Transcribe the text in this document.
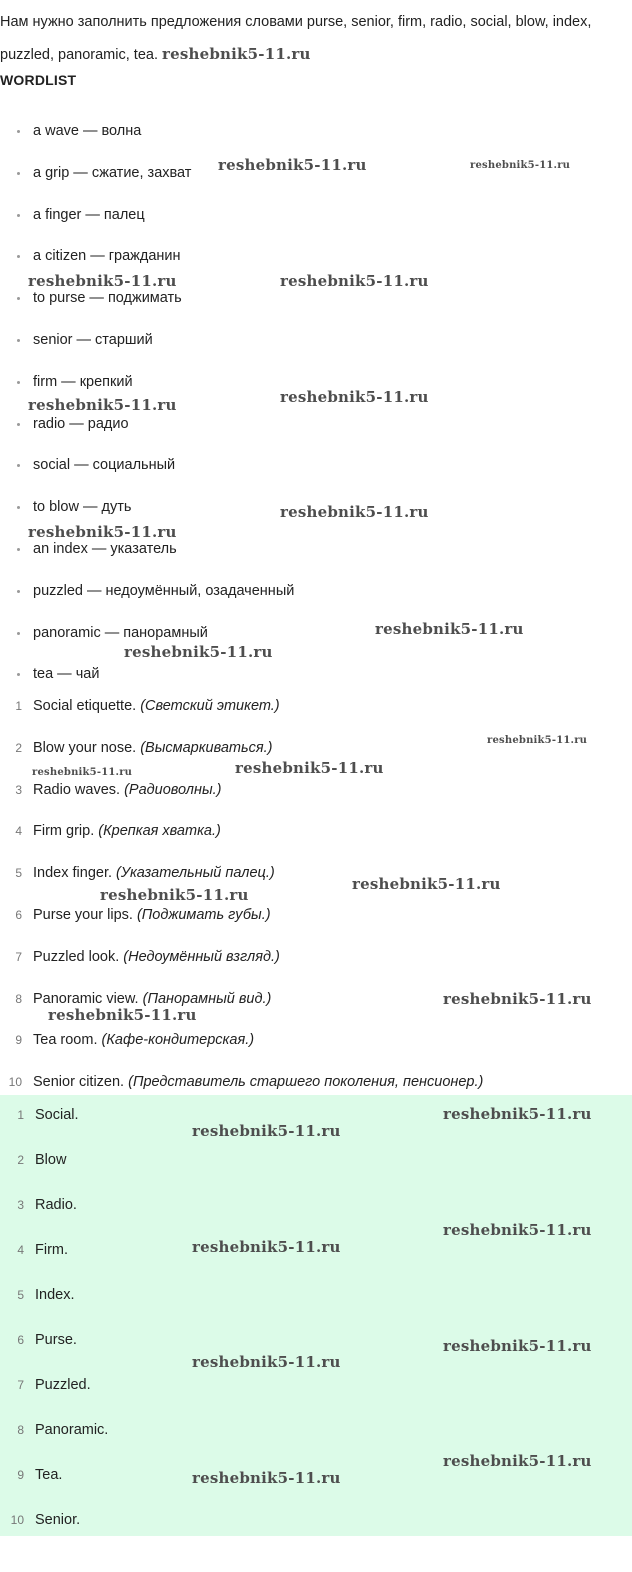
Нам нужно заполнить предложения словами purse, senior, firm, radio, social, blow, index, puzzled, panoramic, tea. reshebnik5-11.ru
WORDLIST
a wave — волна
a grip — сжатие, захват
a finger — палец
a citizen — гражданин
to purse — поджимать
senior — старший
firm — крепкий
radio — радио
social — социальный
to blow — дуть
an index — указатель
puzzled — недоумённый, озадаченный
panoramic — панорамный
tea — чай
1 Social etiquette. (Светский этикет.)
2 Blow your nose. (Высмаркиваться.)
3 Radio waves. (Радиоволны.)
4 Firm grip. (Крепкая хватка.)
5 Index finger. (Указательный палец.)
6 Purse your lips. (Поджимать губы.)
7 Puzzled look. (Недоумённый взгляд.)
8 Panoramic view. (Панорамный вид.)
9 Tea room. (Кафе-кондитерская.)
10 Senior citizen. (Представитель старшего поколения, пенсионер.)
1 Social.
2 Blow
3 Radio.
4 Firm.
5 Index.
6 Purse.
7 Puzzled.
8 Panoramic.
9 Tea.
10 Senior.
reshebnik5-11.ru	reshebnik5-11.ru
reshebnik5-11.ru	reshebnik5-11.ru
reshebnik5-11.ru	reshebnik5-11.ru
reshebnik5-11.ru
reshebnik5-11.ru
reshebnik5-11.ru
reshebnik5-11.ru
reshebnik5-11.ru
reshebnik5-11.ru	reshebnik5-11.ru
reshebnik5-11.ru
reshebnik5-11.ru
reshebnik5-11.ru
reshebnik5-11.ru
reshebnik5-11.ru
reshebnik5-11.ru
reshebnik5-11.ru
reshebnik5-11.ru
reshebnik5-11.ru
reshebnik5-11.ru
reshebnik5-11.ru
reshebnik5-11.ru
